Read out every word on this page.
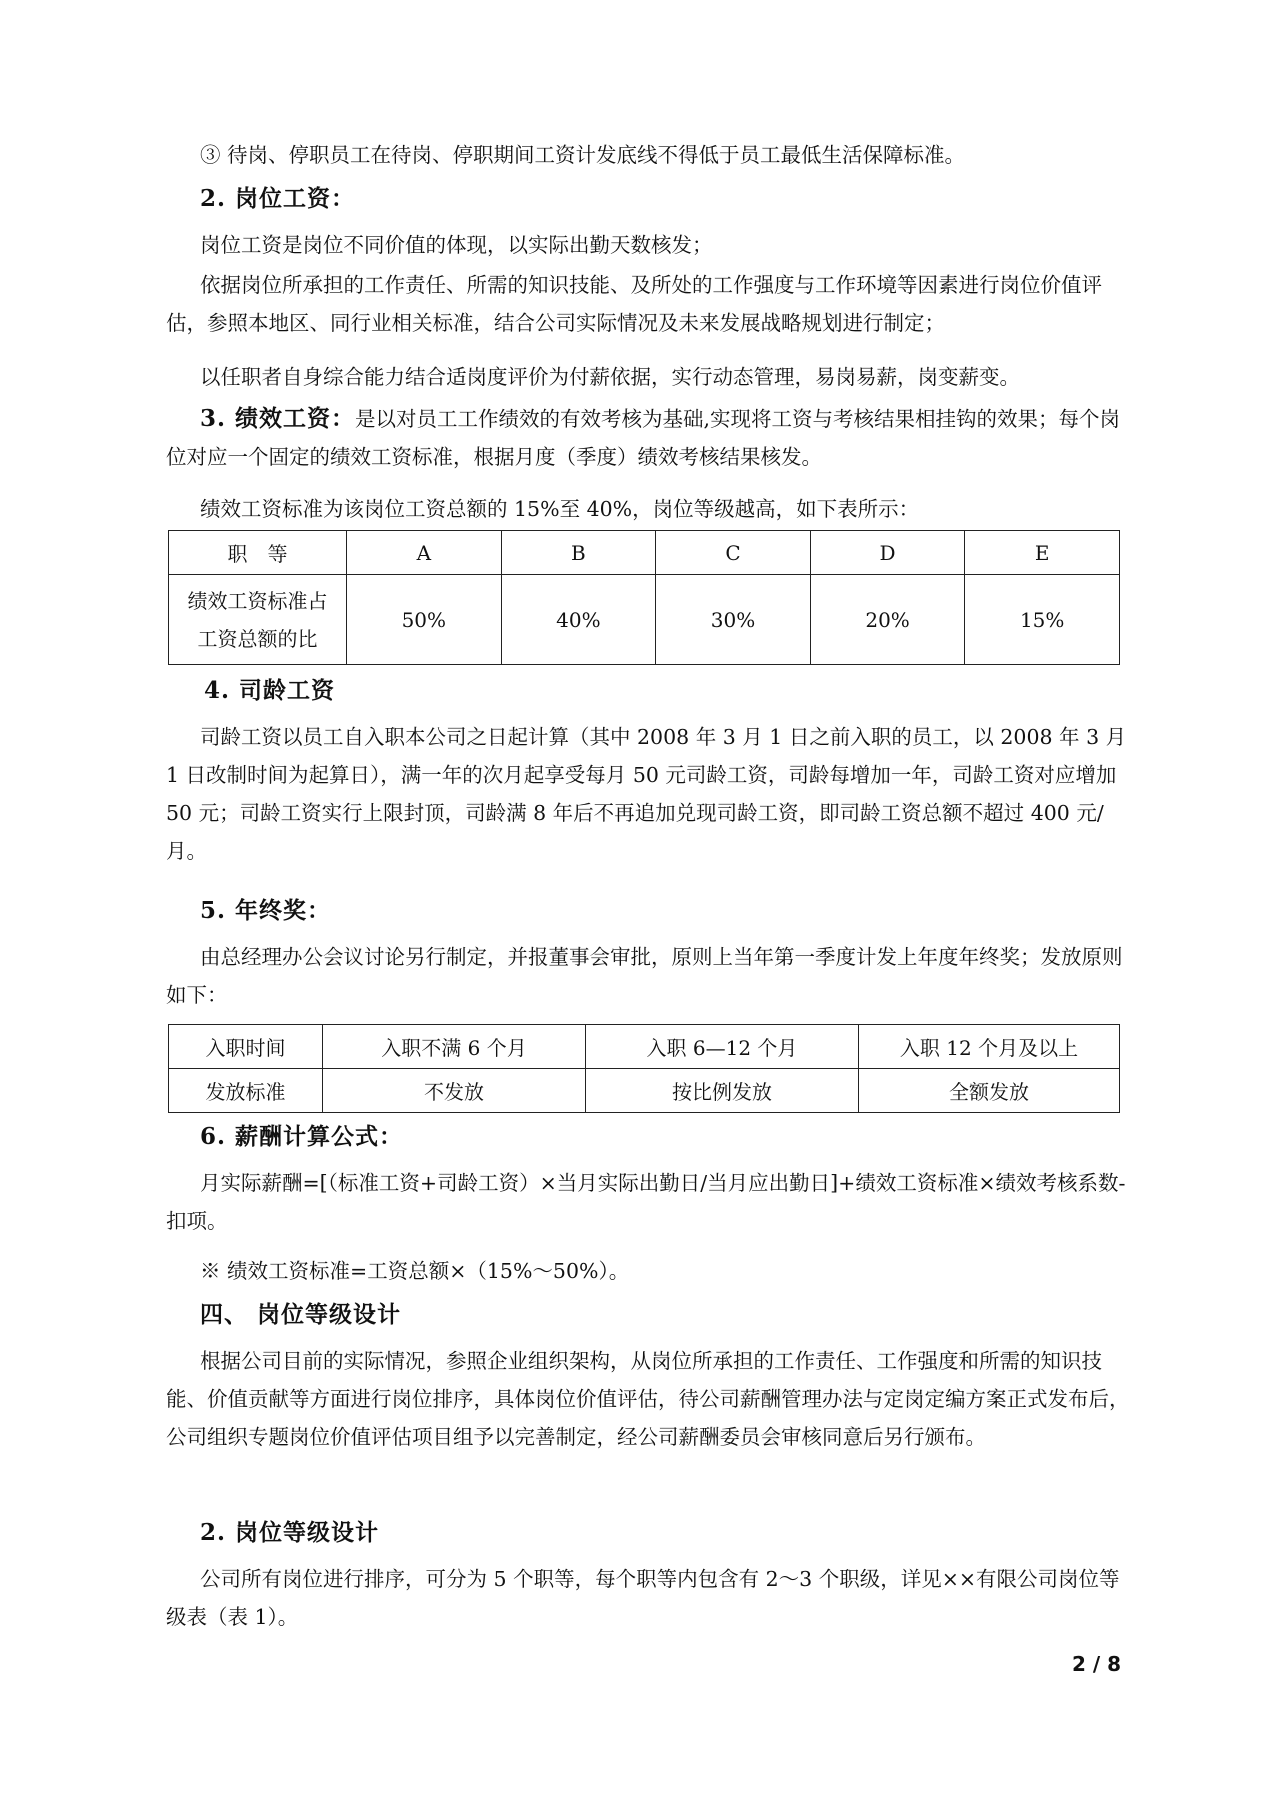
③ 待岗、停职员工在待岗、停职期间工资计发底线不得低于员工最低生活保障标准。

2. 岗位工资：

岗位工资是岗位不同价值的体现，以实际出勤天数核发；

依据岗位所承担的工作责任、所需的知识技能、及所处的工作强度与工作环境等因素进行岗位价值评估，参照本地区、同行业相关标准，结合公司实际情况及未来发展战略规划进行制定；

以任职者自身综合能力结合适岗度评价为付薪依据，实行动态管理，易岗易薪，岗变薪变。

3. 绩效工资：是以对员工工作绩效的有效考核为基础,实现将工资与考核结果相挂钩的效果；每个岗位对应一个固定的绩效工资标准，根据月度（季度）绩效考核结果核发。

绩效工资标准为该岗位工资总额的 15%至 40%，岗位等级越高，如下表所示：

职　等	A	B	C	D	E
绩效工资标准占
工资总额的比	50%	40%	30%	20%	15%

4. 司龄工资

司龄工资以员工自入职本公司之日起计算（其中 2008 年 3 月 1 日之前入职的员工，以 2008 年 3 月 1 日改制时间为起算日），满一年的次月起享受每月 50 元司龄工资，司龄每增加一年，司龄工资对应增加 50 元；司龄工资实行上限封顶，司龄满 8 年后不再追加兑现司龄工资，即司龄工资总额不超过 400 元/月。

5. 年终奖：

由总经理办公会议讨论另行制定，并报董事会审批，原则上当年第一季度计发上年度年终奖；发放原则如下：

入职时间	入职不满 6 个月	入职 6—12 个月	入职 12 个月及以上
发放标准	不发放	按比例发放	全额发放

6. 薪酬计算公式：

月实际薪酬=[（标准工资+司龄工资）×当月实际出勤日/当月应出勤日]+绩效工资标准×绩效考核系数-扣项。

※ 绩效工资标准=工资总额×（15%～50%）。

四、 岗位等级设计

根据公司目前的实际情况，参照企业组织架构，从岗位所承担的工作责任、工作强度和所需的知识技能、价值贡献等方面进行岗位排序，具体岗位价值评估，待公司薪酬管理办法与定岗定编方案正式发布后，公司组织专题岗位价值评估项目组予以完善制定，经公司薪酬委员会审核同意后另行颁布。

2. 岗位等级设计

公司所有岗位进行排序，可分为 5 个职等，每个职等内包含有 2～3 个职级，详见××有限公司岗位等级表（表 1）。

2 / 8
